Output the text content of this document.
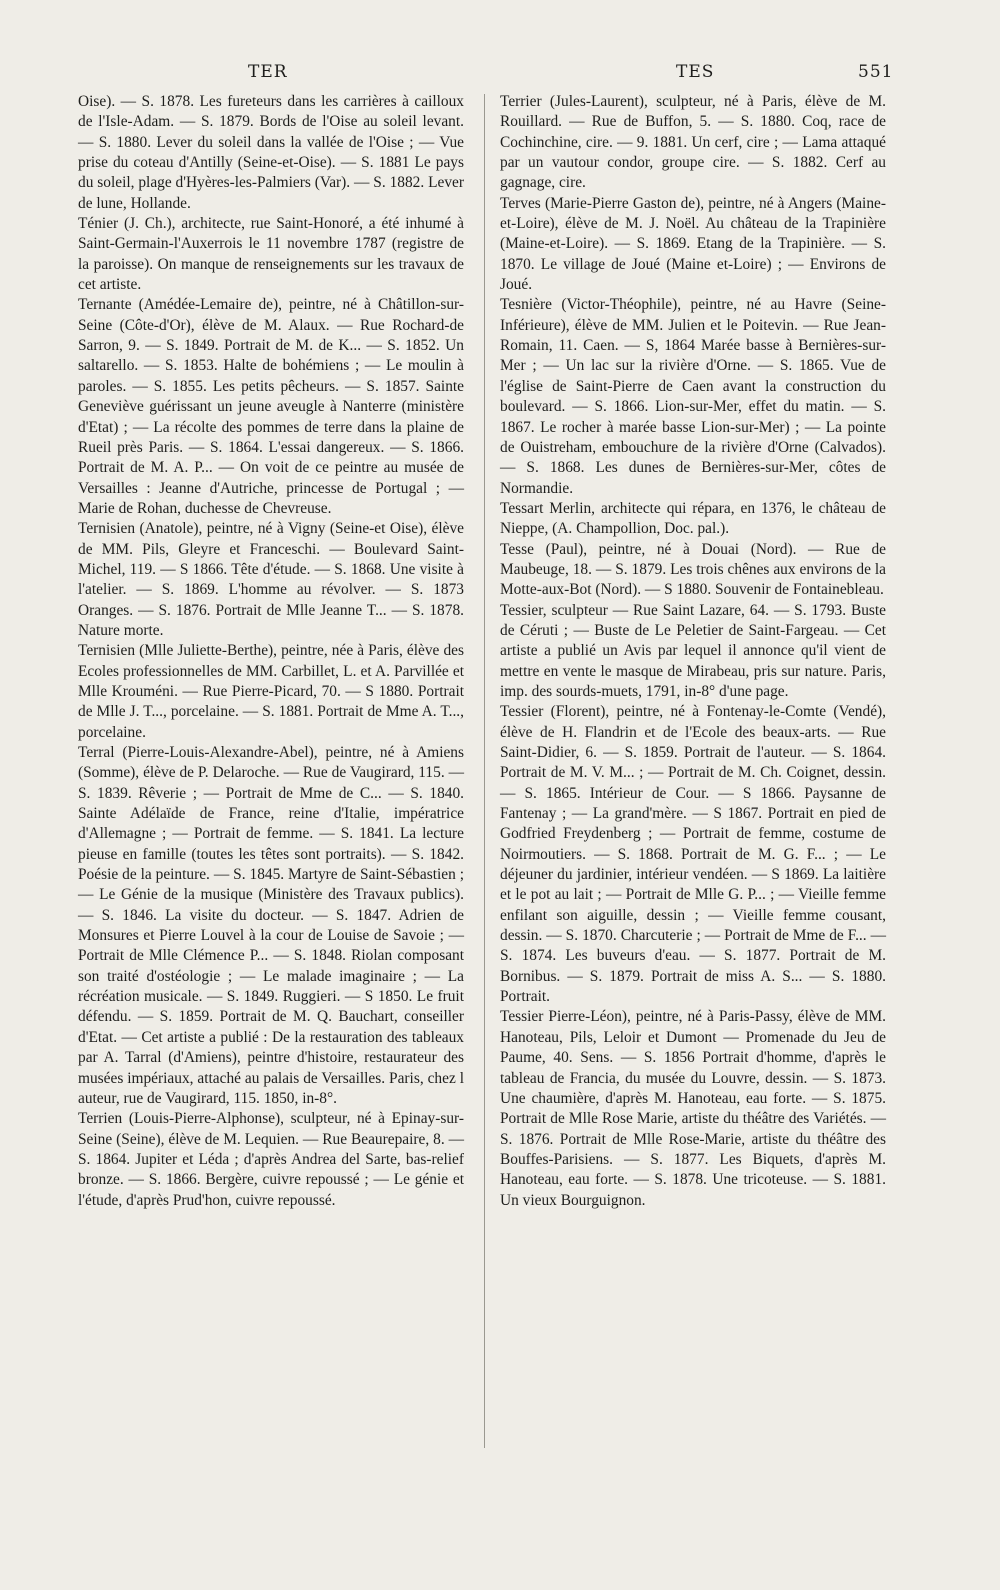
TER	TES	551

Oise). — S. 1878. Les fureteurs dans les carrières à cailloux de l'Isle-Adam. — S. 1879. Bords de l'Oise au soleil levant. — S. 1880. Lever du soleil dans la vallée de l'Oise ; — Vue prise du coteau d'Antilly (Seine-et-Oise). — S. 1881 Le pays du soleil, plage d'Hyères-les-Palmiers (Var). — S. 1882. Lever de lune, Hollande.

Ténier (J. Ch.), architecte, rue Saint-Honoré, a été inhumé à Saint-Germain-l'Auxerrois le 11 novembre 1787 (registre de la paroisse). On manque de renseignements sur les travaux de cet artiste.

Ternante (Amédée-Lemaire de), peintre, né à Châtillon-sur-Seine (Côte-d'Or), élève de M. Alaux. — Rue Rochard-de Sarron, 9. — S. 1849. Portrait de M. de K... — S. 1852. Un saltarello. — S. 1853. Halte de bohémiens ; — Le moulin à paroles. — S. 1855. Les petits pêcheurs. — S. 1857. Sainte Geneviève guérissant un jeune aveugle à Nanterre (ministère d'Etat) ; — La récolte des pommes de terre dans la plaine de Rueil près Paris. — S. 1864. L'essai dangereux. — S. 1866. Portrait de M. A. P... — On voit de ce peintre au musée de Versailles : Jeanne d'Autriche, princesse de Portugal ; — Marie de Rohan, duchesse de Chevreuse.

Ternisien (Anatole), peintre, né à Vigny (Seine-et Oise), élève de MM. Pils, Gleyre et Franceschi. — Boulevard Saint-Michel, 119. — S 1866. Tête d'étude. — S. 1868. Une visite à l'atelier. — S. 1869. L'homme au révolver. — S. 1873 Oranges. — S. 1876. Portrait de Mlle Jeanne T... — S. 1878. Nature morte.

Ternisien (Mlle Juliette-Berthe), peintre, née à Paris, élève des Ecoles professionnelles de MM. Carbillet, L. et A. Parvillée et Mlle Krouméni. — Rue Pierre-Picard, 70. — S 1880. Portrait de Mlle J. T..., porcelaine. — S. 1881. Portrait de Mme A. T..., porcelaine.

Terral (Pierre-Louis-Alexandre-Abel), peintre, né à Amiens (Somme), élève de P. Delaroche. — Rue de Vaugirard, 115. — S. 1839. Rêverie ; — Portrait de Mme de C... — S. 1840. Sainte Adélaïde de France, reine d'Italie, impératrice d'Allemagne ; — Portrait de femme. — S. 1841. La lecture pieuse en famille (toutes les têtes sont portraits). — S. 1842. Poésie de la peinture. — S. 1845. Martyre de Saint-Sébastien ; — Le Génie de la musique (Ministère des Travaux publics). — S. 1846. La visite du docteur. — S. 1847. Adrien de Monsures et Pierre Louvel à la cour de Louise de Savoie ; — Portrait de Mlle Clémence P... — S. 1848. Riolan composant son traité d'ostéologie ; — Le malade imaginaire ; — La récréation musicale. — S. 1849. Ruggieri. — S 1850. Le fruit défendu. — S. 1859. Portrait de M. Q. Bauchart, conseiller d'Etat. — Cet artiste a publié : De la restauration des tableaux par A. Tarral (d'Amiens), peintre d'histoire, restaurateur des musées impériaux, attaché au palais de Versailles. Paris, chez l auteur, rue de Vaugirard, 115. 1850, in-8°.

Terrien (Louis-Pierre-Alphonse), sculpteur, né à Epinay-sur-Seine (Seine), élève de M. Lequien. — Rue Beaurepaire, 8. — S. 1864. Jupiter et Léda ; d'après Andrea del Sarte, bas-relief bronze. — S. 1866. Bergère, cuivre repoussé ; — Le génie et l'étude, d'après Prud'hon, cuivre repoussé.

Terrier (Jules-Laurent), sculpteur, né à Paris, élève de M. Rouillard. — Rue de Buffon, 5. — S. 1880. Coq, race de Cochinchine, cire. — 9. 1881. Un cerf, cire ; — Lama attaqué par un vautour condor, groupe cire. — S. 1882. Cerf au gagnage, cire.

Terves (Marie-Pierre Gaston de), peintre, né à Angers (Maine-et-Loire), élève de M. J. Noël. Au château de la Trapinière (Maine-et-Loire). — S. 1869. Etang de la Trapinière. — S. 1870. Le village de Joué (Maine et-Loire) ; — Environs de Joué.

Tesnière (Victor-Théophile), peintre, né au Havre (Seine-Inférieure), élève de MM. Julien et le Poitevin. — Rue Jean-Romain, 11. Caen. — S, 1864 Marée basse à Bernières-sur-Mer ; — Un lac sur la rivière d'Orne. — S. 1865. Vue de l'église de Saint-Pierre de Caen avant la construction du boulevard. — S. 1866. Lion-sur-Mer, effet du matin. — S. 1867. Le rocher à marée basse Lion-sur-Mer) ; — La pointe de Ouistreham, embouchure de la rivière d'Orne (Calvados). — S. 1868. Les dunes de Bernières-sur-Mer, côtes de Normandie.

Tessart Merlin, architecte qui répara, en 1376, le château de Nieppe, (A. Champollion, Doc. pal.).

Tesse (Paul), peintre, né à Douai (Nord). — Rue de Maubeuge, 18. — S. 1879. Les trois chênes aux environs de la Motte-aux-Bot (Nord). — S 1880. Souvenir de Fontainebleau.

Tessier, sculpteur — Rue Saint Lazare, 64. — S. 1793. Buste de Céruti ; — Buste de Le Peletier de Saint-Fargeau. — Cet artiste a publié un Avis par lequel il annonce qu'il vient de mettre en vente le masque de Mirabeau, pris sur nature. Paris, imp. des sourds-muets, 1791, in-8° d'une page.

Tessier (Florent), peintre, né à Fontenay-le-Comte (Vendé), élève de H. Flandrin et de l'Ecole des beaux-arts. — Rue Saint-Didier, 6. — S. 1859. Portrait de l'auteur. — S. 1864. Portrait de M. V. M... ; — Portrait de M. Ch. Coignet, dessin. — S. 1865. Intérieur de Cour. — S 1866. Paysanne de Fantenay ; — La grand'mère. — S 1867. Portrait en pied de Godfried Freydenberg ; — Portrait de femme, costume de Noirmoutiers. — S. 1868. Portrait de M. G. F... ; — Le déjeuner du jardinier, intérieur vendéen. — S 1869. La laitière et le pot au lait ; — Portrait de Mlle G. P... ; — Vieille femme enfilant son aiguille, dessin ; — Vieille femme cousant, dessin. — S. 1870. Charcuterie ; — Portrait de Mme de F... — S. 1874. Les buveurs d'eau. — S. 1877. Portrait de M. Bornibus. — S. 1879. Portrait de miss A. S... — S. 1880. Portrait.

Tessier Pierre-Léon), peintre, né à Paris-Passy, élève de MM. Hanoteau, Pils, Leloir et Dumont — Promenade du Jeu de Paume, 40. Sens. — S. 1856 Portrait d'homme, d'après le tableau de Francia, du musée du Louvre, dessin. — S. 1873. Une chaumière, d'après M. Hanoteau, eau forte. — S. 1875. Portrait de Mlle Rose Marie, artiste du théâtre des Variétés. — S. 1876. Portrait de Mlle Rose-Marie, artiste du théâtre des Bouffes-Parisiens. — S. 1877. Les Biquets, d'après M. Hanoteau, eau forte. — S. 1878. Une tricoteuse. — S. 1881. Un vieux Bourguignon.
